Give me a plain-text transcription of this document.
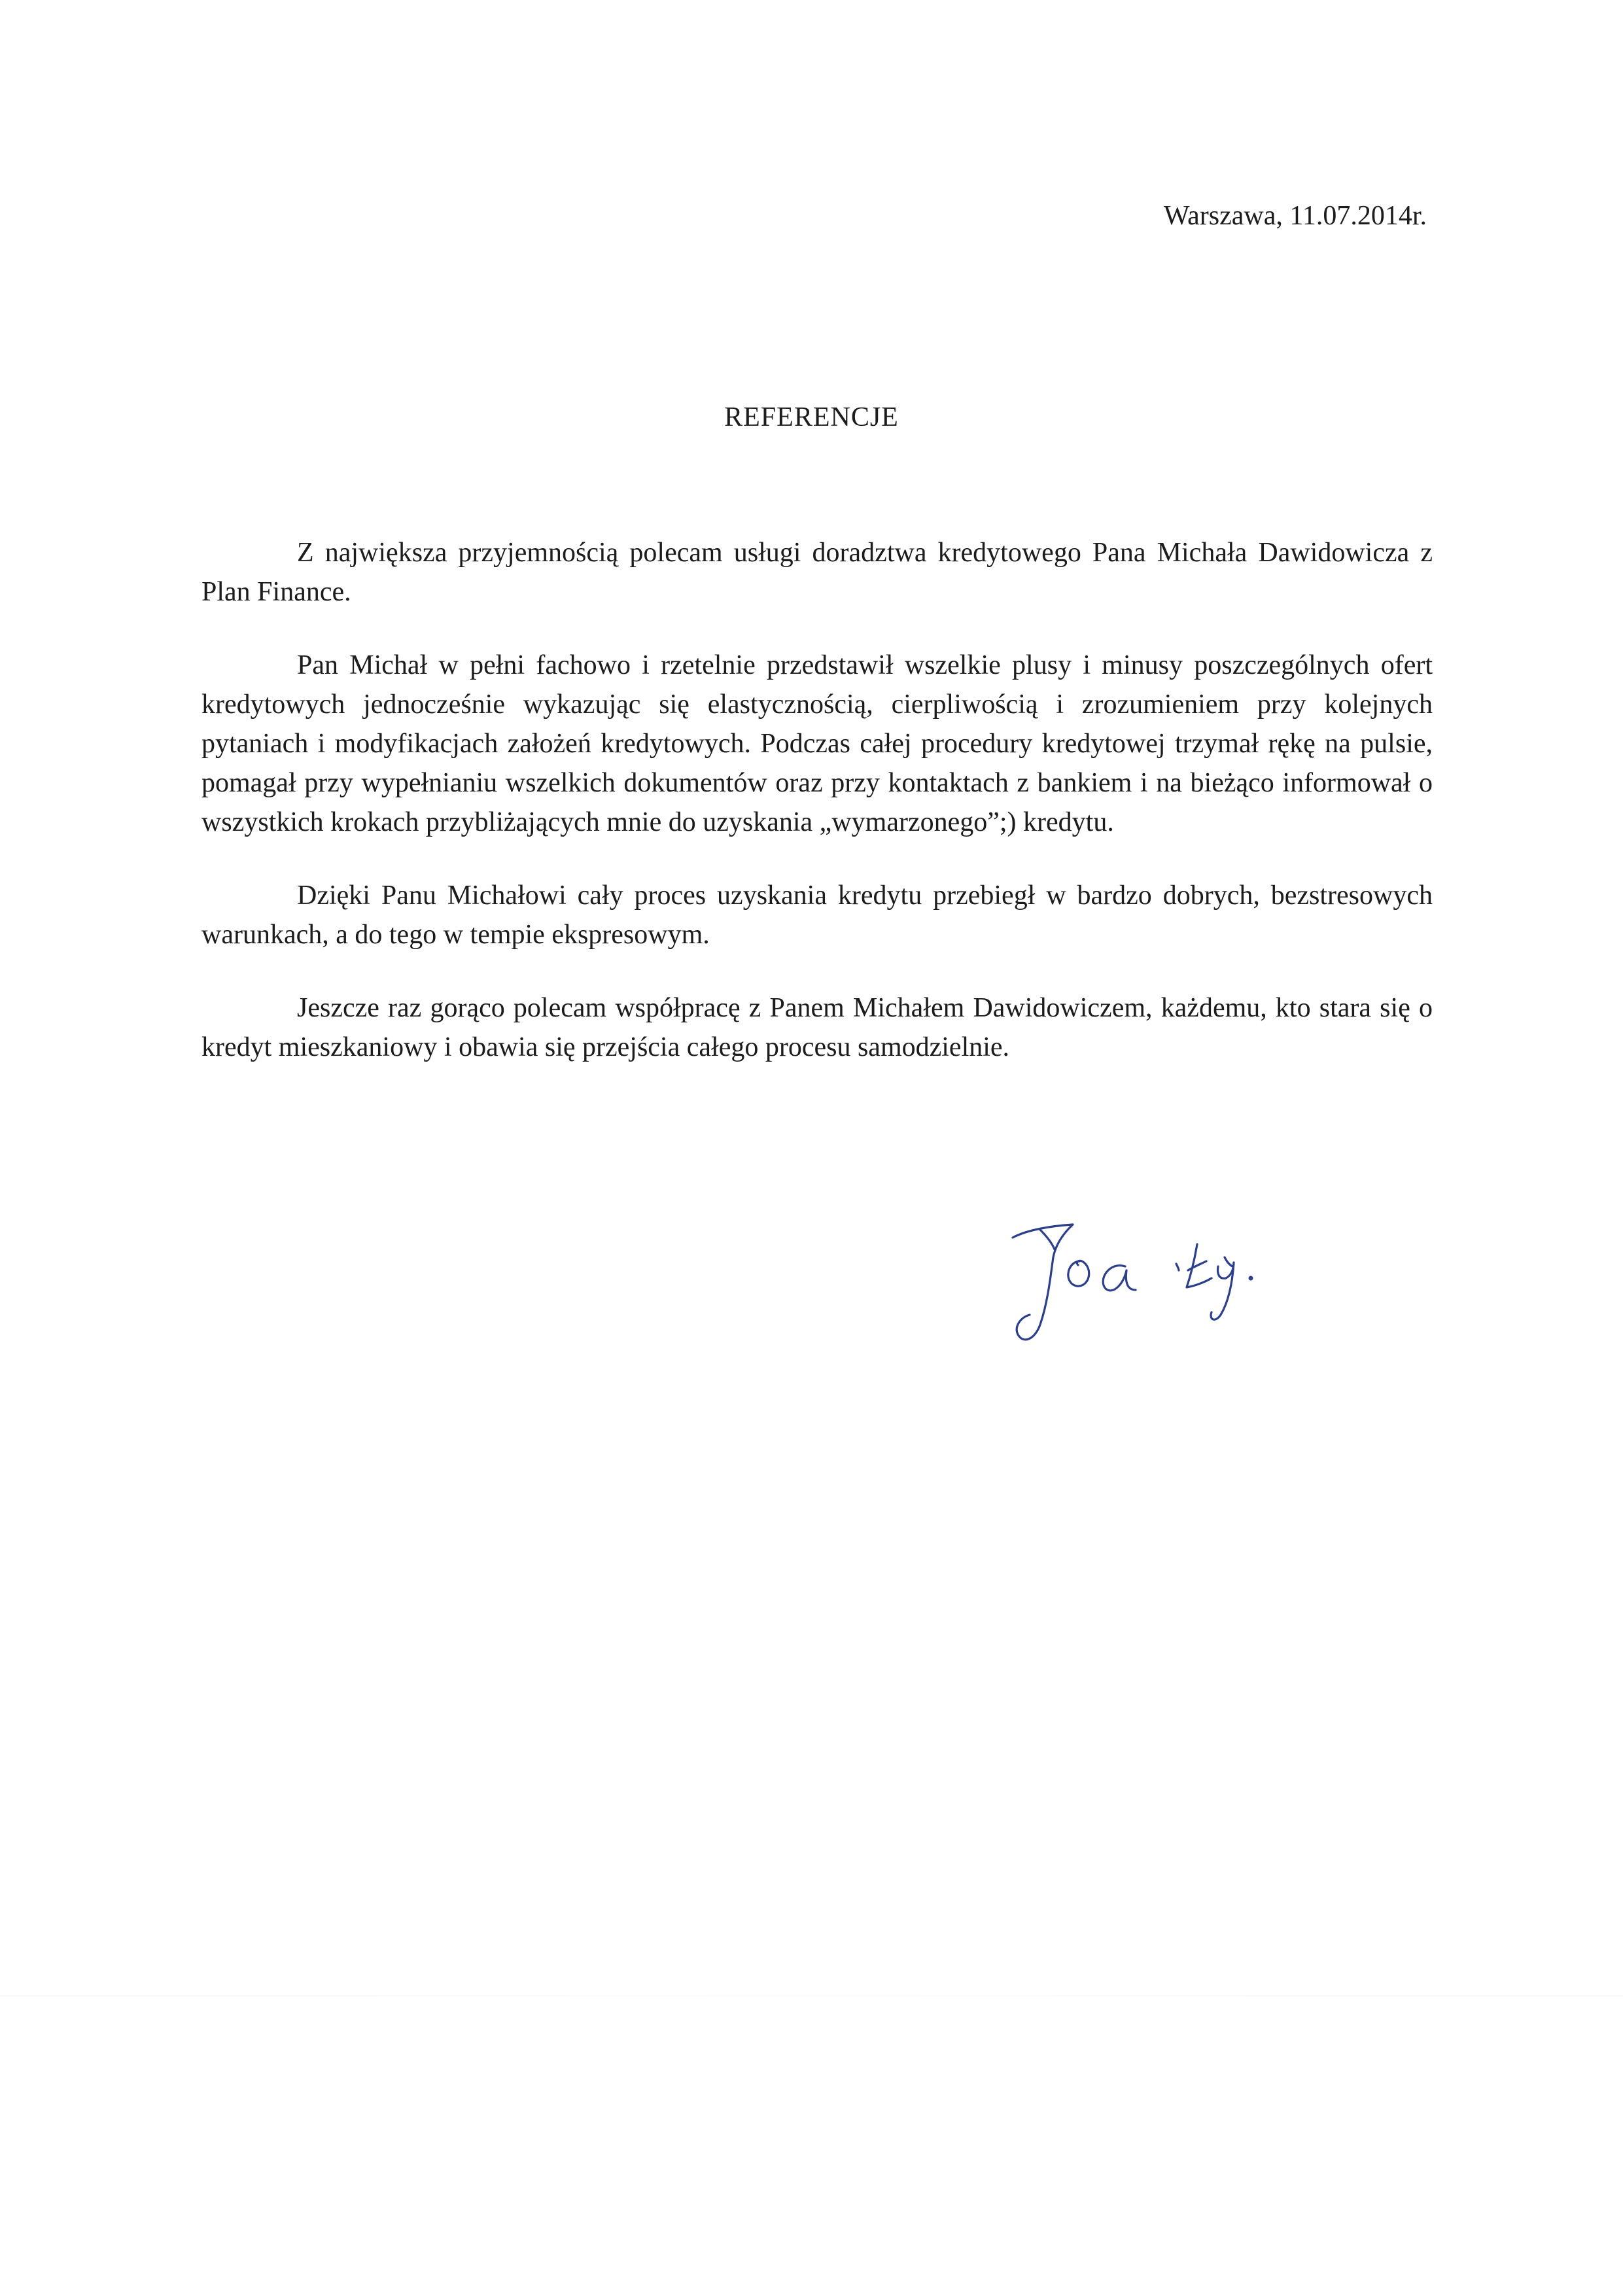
Warszawa, 11.07.2014r.
REFERENCJE

Z największa przyjemnością polecam usługi doradztwa kredytowego Pana Michała Dawidowicza z Plan Finance.

Pan Michał w pełni fachowo i rzetelnie przedstawił wszelkie plusy i minusy poszczególnych ofert kredytowych jednocześnie wykazując się elastycznością, cierpliwością i zrozumieniem przy kolejnych pytaniach i modyfikacjach założeń kredytowych. Podczas całej procedury kredytowej trzymał rękę na pulsie, pomagał przy wypełnianiu wszelkich dokumentów oraz przy kontaktach z bankiem i na bieżąco informował o wszystkich krokach przybliżających mnie do uzyskania „wymarzonego”;) kredytu.

Dzięki Panu Michałowi cały proces uzyskania kredytu przebiegł w bardzo dobrych, bezstresowych warunkach, a do tego w tempie ekspresowym.

Jeszcze raz gorąco polecam współpracę z Panem Michałem Dawidowiczem, każdemu, kto stara się o kredyt mieszkaniowy i obawia się przejścia całego procesu samodzielnie.
